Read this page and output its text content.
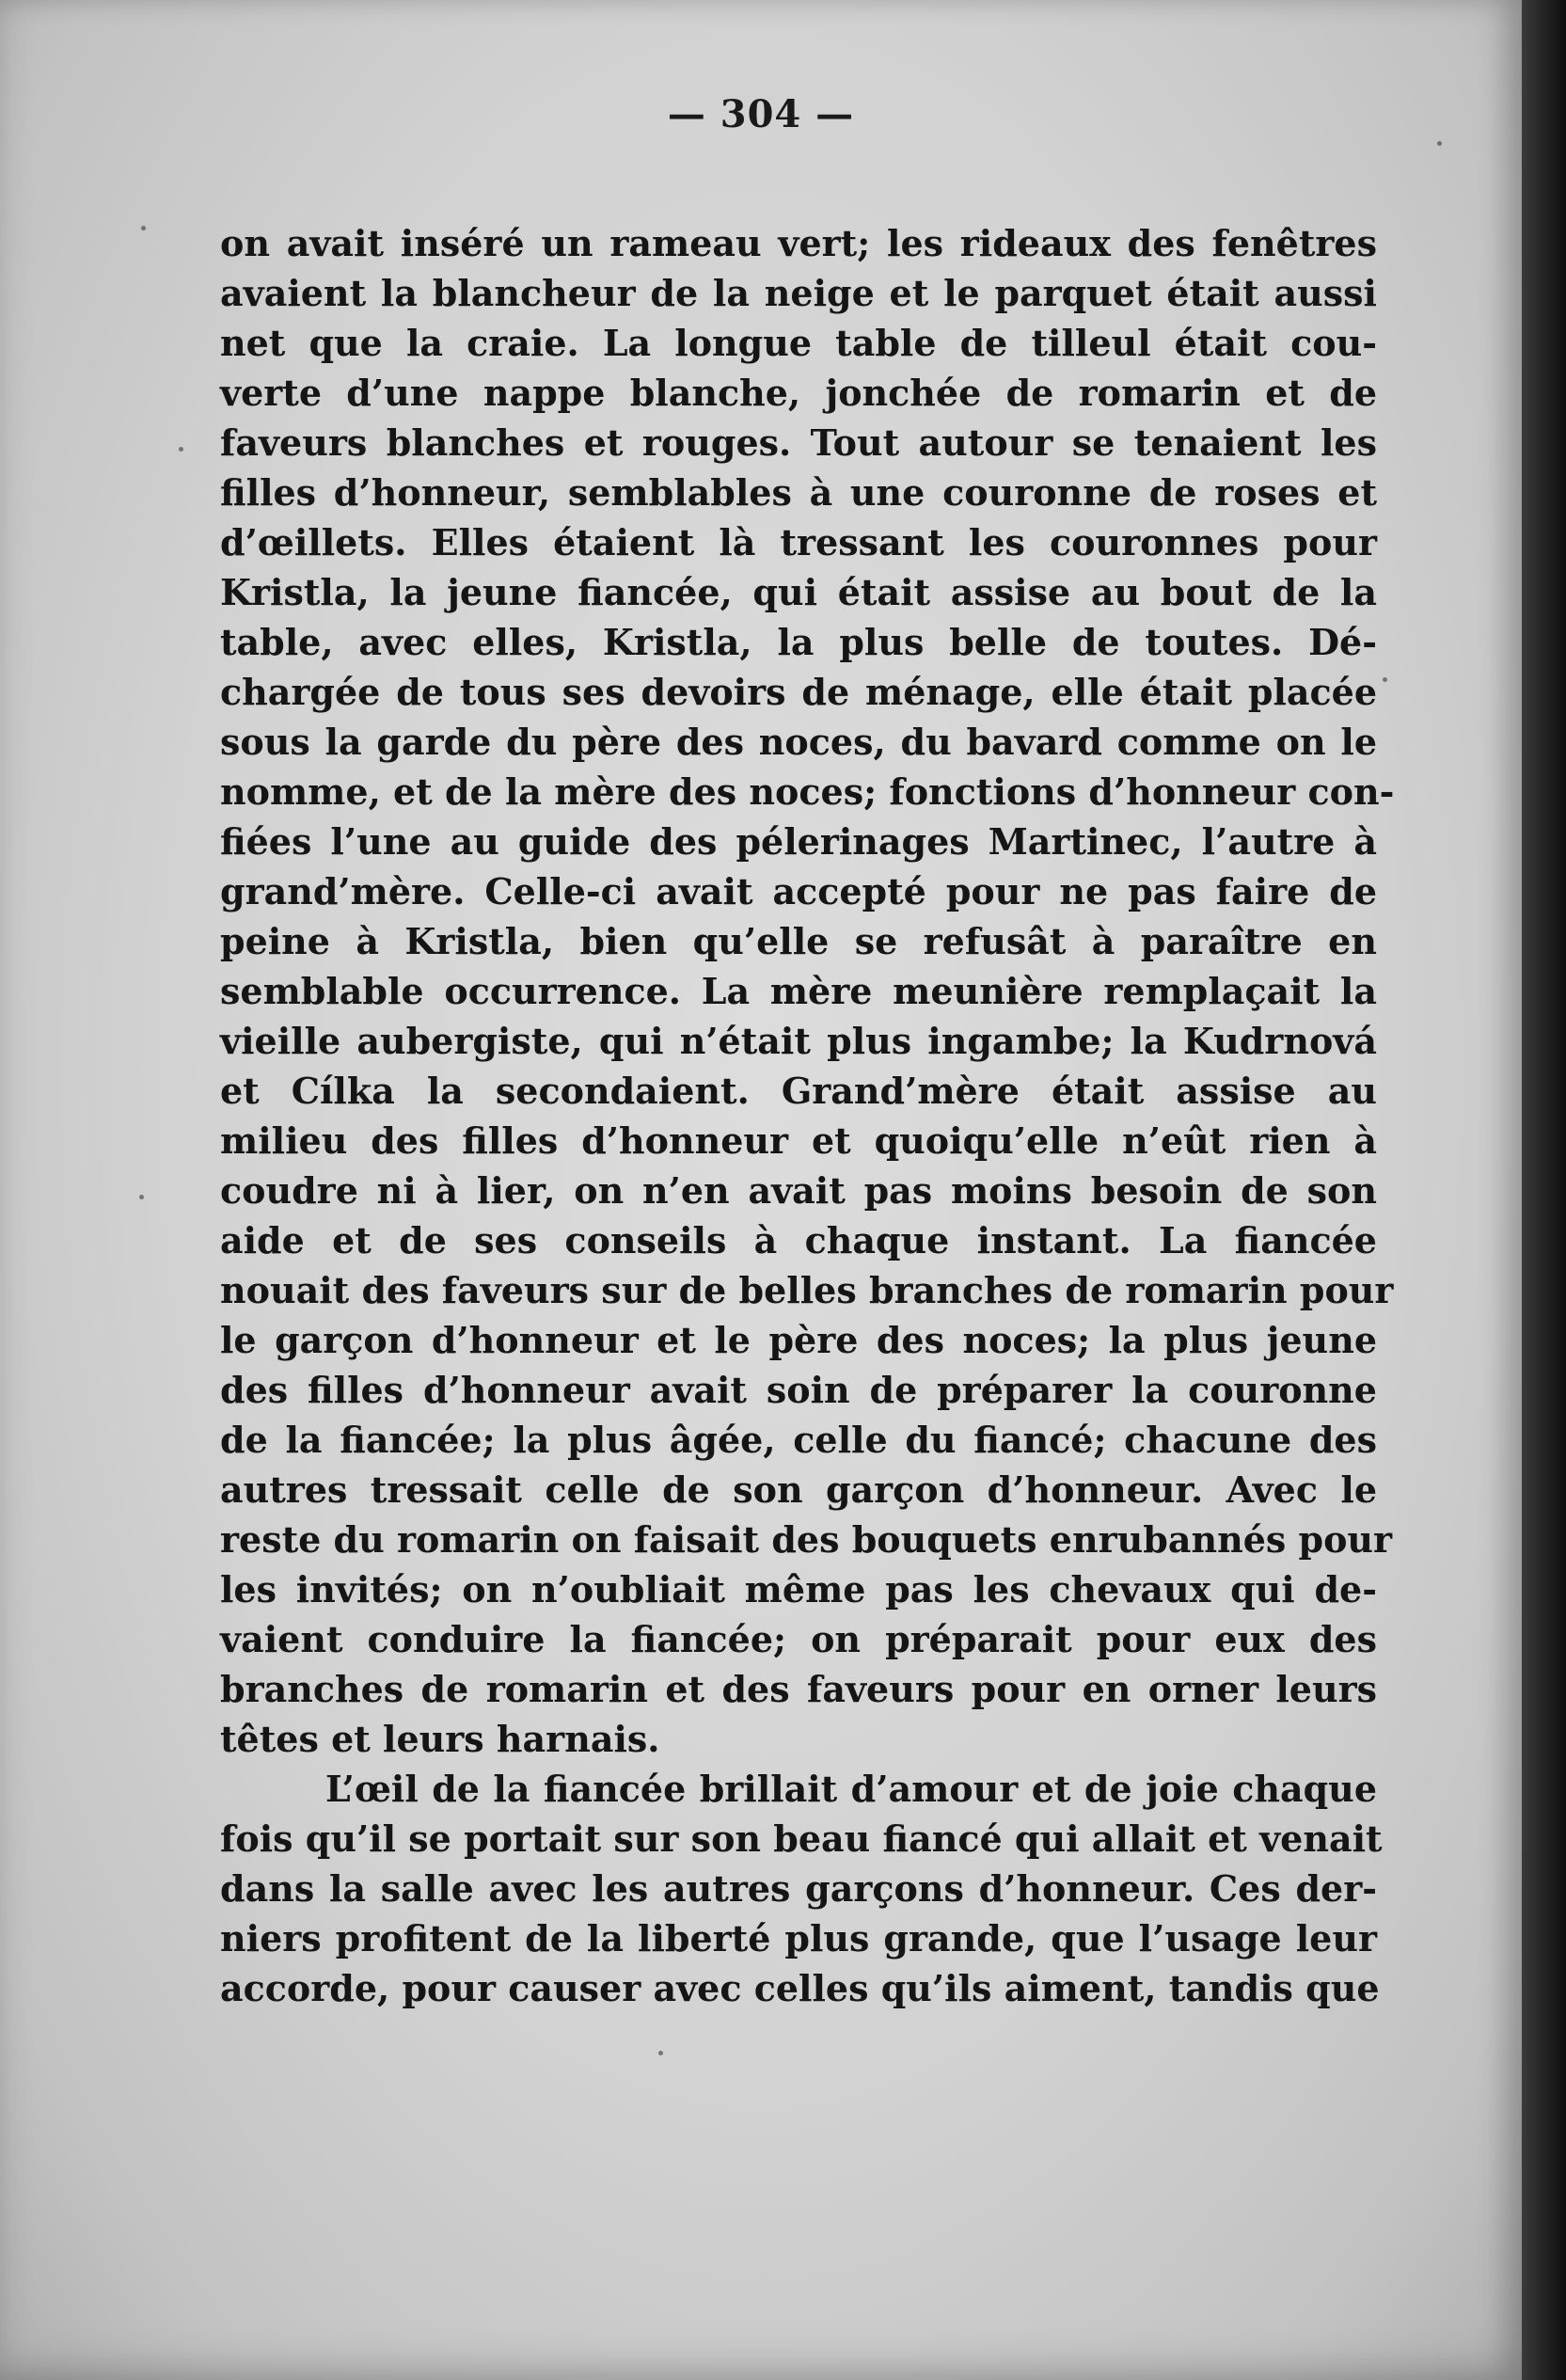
— 304 —
on avait inséré un rameau vert; les rideaux des fenêtres
avaient la blancheur de la neige et le parquet était aussi
net que la craie. La longue table de tilleul était cou-
verte d’une nappe blanche, jonchée de romarin et de
faveurs blanches et rouges. Tout autour se tenaient les
filles d’honneur, semblables à une couronne de roses et
d’œillets. Elles étaient là tressant les couronnes pour
Kristla, la jeune fiancée, qui était assise au bout de la
table, avec elles, Kristla, la plus belle de toutes. Dé-
chargée de tous ses devoirs de ménage, elle était placée
sous la garde du père des noces, du bavard comme on le
nomme, et de la mère des noces; fonctions d’honneur con-
fiées l’une au guide des pélerinages Martinec, l’autre à
grand’mère. Celle-ci avait accepté pour ne pas faire de
peine à Kristla, bien qu’elle se refusât à paraître en
semblable occurrence. La mère meunière remplaçait la
vieille aubergiste, qui n’était plus ingambe; la Kudrnová
et Cílka la secondaient. Grand’mère était assise au
milieu des filles d’honneur et quoiqu’elle n’eût rien à
coudre ni à lier, on n’en avait pas moins besoin de son
aide et de ses conseils à chaque instant. La fiancée
nouait des faveurs sur de belles branches de romarin pour
le garçon d’honneur et le père des noces; la plus jeune
des filles d’honneur avait soin de préparer la couronne
de la fiancée; la plus âgée, celle du fiancé; chacune des
autres tressait celle de son garçon d’honneur. Avec le
reste du romarin on faisait des bouquets enrubannés pour
les invités; on n’oubliait même pas les chevaux qui de-
vaient conduire la fiancée; on préparait pour eux des
branches de romarin et des faveurs pour en orner leurs
têtes et leurs harnais.
L’œil de la fiancée brillait d’amour et de joie chaque
fois qu’il se portait sur son beau fiancé qui allait et venait
dans la salle avec les autres garçons d’honneur. Ces der-
niers profitent de la liberté plus grande, que l’usage leur
accorde, pour causer avec celles qu’ils aiment, tandis que
